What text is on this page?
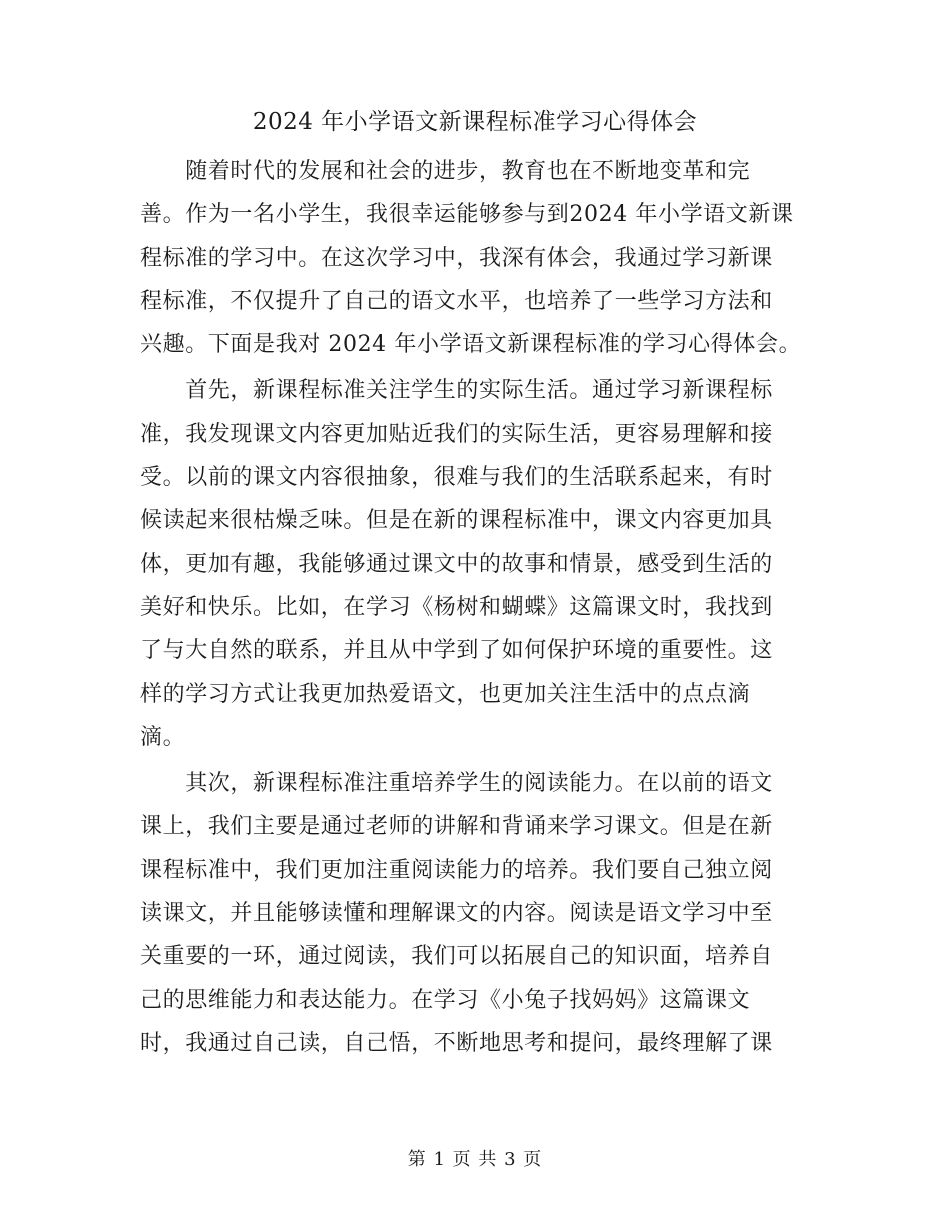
2024 年小学语文新课程标准学习心得体会
　　随着时代的发展和社会的进步，教育也在不断地变革和完
善。作为一名小学生，我很幸运能够参与到2024 年小学语文新课
程标准的学习中。在这次学习中，我深有体会，我通过学习新课
程标准，不仅提升了自己的语文水平，也培养了一些学习方法和
兴趣。下面是我对 2024 年小学语文新课程标准的学习心得体会。
　　首先，新课程标准关注学生的实际生活。通过学习新课程标
准，我发现课文内容更加贴近我们的实际生活，更容易理解和接
受。以前的课文内容很抽象，很难与我们的生活联系起来，有时
候读起来很枯燥乏味。但是在新的课程标准中，课文内容更加具
体，更加有趣，我能够通过课文中的故事和情景，感受到生活的
美好和快乐。比如，在学习《杨树和蝴蝶》这篇课文时，我找到
了与大自然的联系，并且从中学到了如何保护环境的重要性。这
样的学习方式让我更加热爱语文，也更加关注生活中的点点滴
滴。
　　其次，新课程标准注重培养学生的阅读能力。在以前的语文
课上，我们主要是通过老师的讲解和背诵来学习课文。但是在新
课程标准中，我们更加注重阅读能力的培养。我们要自己独立阅
读课文，并且能够读懂和理解课文的内容。阅读是语文学习中至
关重要的一环，通过阅读，我们可以拓展自己的知识面，培养自
己的思维能力和表达能力。在学习《小兔子找妈妈》这篇课文
时，我通过自己读，自己悟，不断地思考和提问，最终理解了课

第 1 页 共 3 页
